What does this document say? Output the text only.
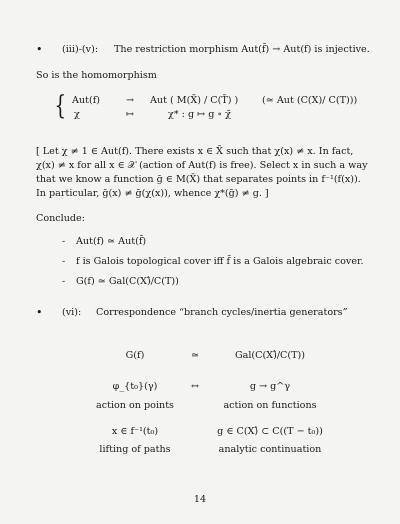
• (iii)-(v): The restriction morphism Aut(f̄) → Aut(f) is injective.
So is the homomorphism
{ Aut(f)	→ Aut ( M(X̄) / C(T̄) ) (≃ Aut (C(X)/ C(T)))
χ	↦	χ* : g ↦ g ∘ χ̄
[ Let χ ≠ 1 ∈ Aut(f). There exists x ∈ X̄ such that χ(x) ≠ x. In fact,
χ(x) ≠ x for all x ∈ 𝒳 (action of Aut(f) is free). Select x in such a way
that we know a function ḡ ∈ M(X̄) that separates points in f⁻¹(f(x)).
In particular, ḡ(x) ≠ ḡ(χ(x)), whence χ*(ḡ) ≠ g. ]
Conclude:
- Aut(f) ≃ Aut(f̄)
- f is Galois topological cover iff f̄ is a Galois algebraic cover.
- G(f) ≃ Gal(C(X)̂/C(T))
• (vi): Correspondence “branch cycles/inertia generators”
G(f)	≃	Gal(C(X)̂/C(T))
φ_{t₀}(γ)	↔	g → g^γ
action on points	action on functions
x ∈ f⁻¹(t₀)	g ∈ C(X)̂ ⊂ C((T − t₀))
lifting of paths	analytic continuation
14
